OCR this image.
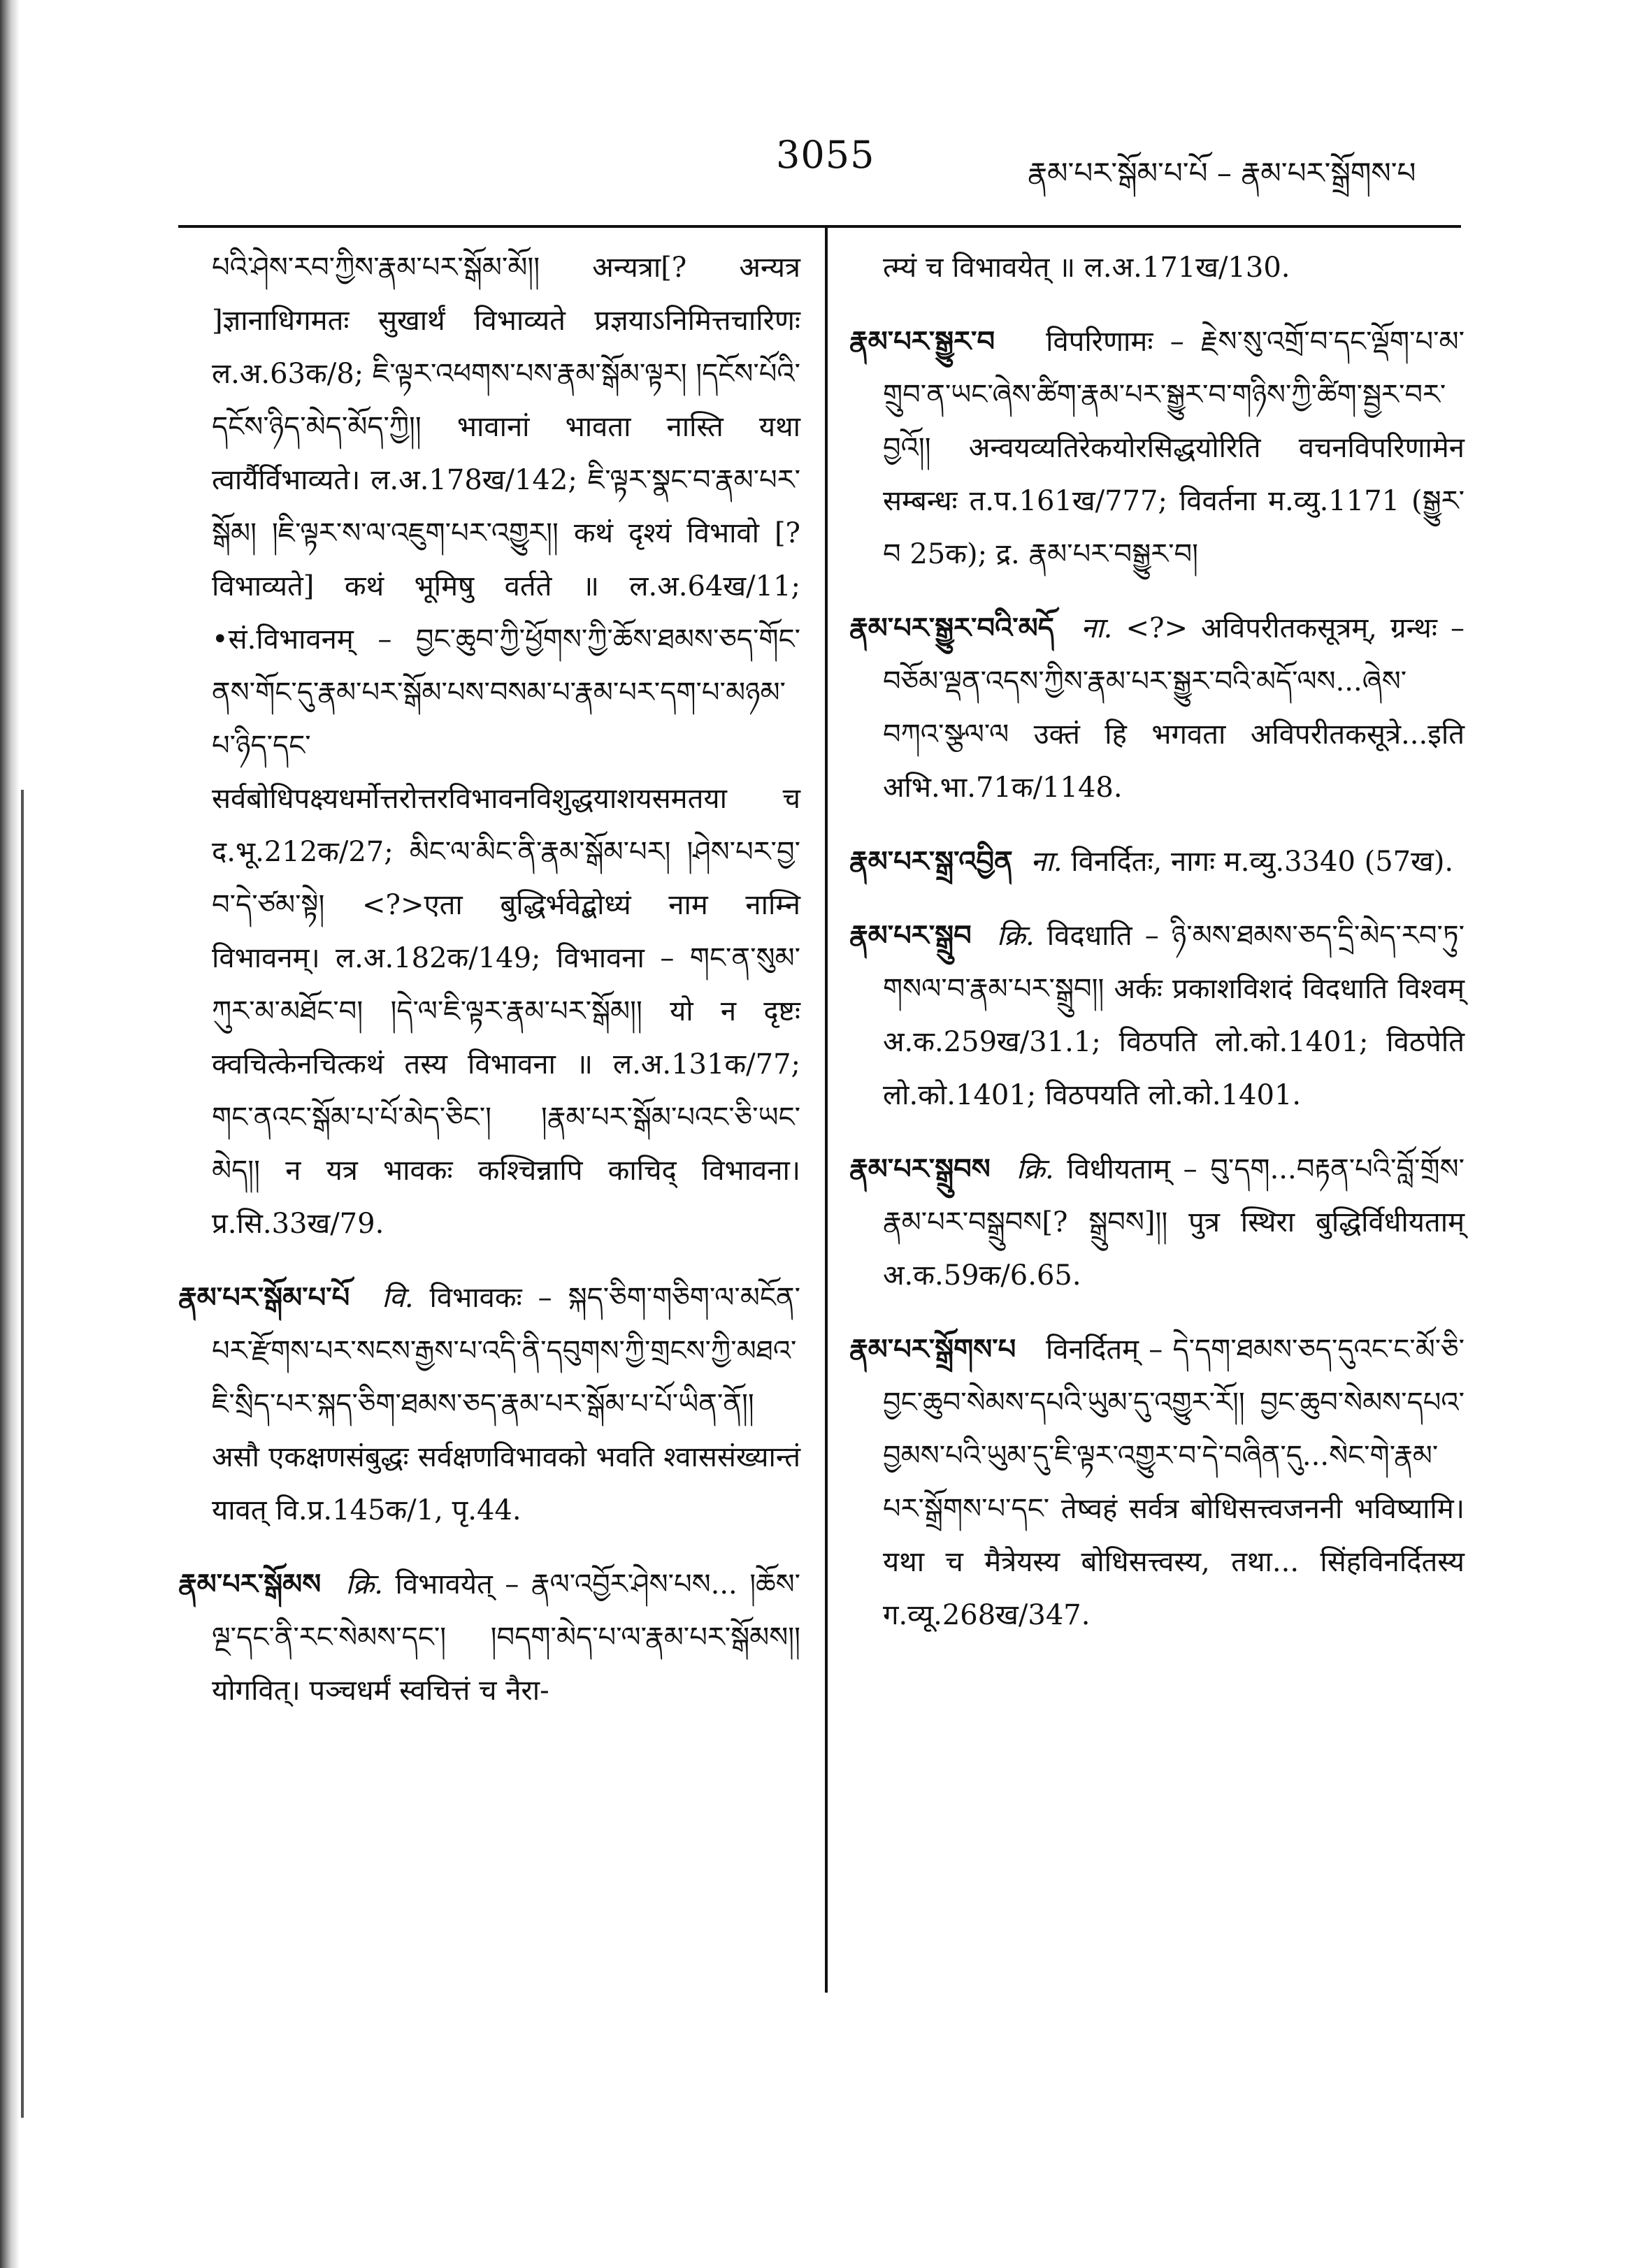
3055	རྣམ་པར་སྒོམ་པ་པོ – རྣམ་པར་སྒྲོགས་པ

པའི་ཤེས་རབ་ཀྱིས་རྣམ་པར་སྒོམ་མོ།། अन्यत्रा[? अन्यत्र ]ज्ञानाधिगमतः सुखार्थं विभाव्यते प्रज्ञयाऽनिमित्तचारिणः ल.अ.63क/8; ཇི་ལྟར་འཕགས་པས་རྣམ་སྒོམ་ལྟར། །དངོས་པོའི་དངོས་ཉིད་མེད་མོད་ཀྱི།། भावानां भावता नास्ति यथा त्वार्यैर्विभाव्यते। ल.अ.178ख/142; ཇི་ལྟར་སྣང་བ་རྣམ་པར་སྒོམ། །ཇི་ལྟར་ས་ལ་འཇུག་པར་འགྱུར།། कथं दृश्यं विभावो [? विभाव्यते] कथं भूमिषु वर्तते ॥ ल.अ.64ख/11; •सं.विभावनम् – བྱང་ཆུབ་ཀྱི་ཕྱོགས་ཀྱི་ཆོས་ཐམས་ཅད་གོང་ནས་གོང་དུ་རྣམ་པར་སྒོམ་པས་བསམ་པ་རྣམ་པར་དག་པ་མཉམ་པ་ཉིད་དང་ सर्वबोधिपक्ष्यधर्मोत्तरोत्तरविभावनविशुद्धयाशयसमतया च द.भू.212क/27; མིང་ལ་མིང་ནི་རྣམ་སྒོམ་པར། །ཤེས་པར་བྱ་བ་དེ་ཙམ་སྟེ། <?>एता बुद्धिर्भवेद्बोध्यं नाम नाम्नि विभावनम्। ल.अ.182क/149; विभावना – གང་ན་སུམ་ཀུར་མ་མཐོང་བ། །དེ་ལ་ཇི་ལྟར་རྣམ་པར་སྒོམ།། यो न दृष्टः क्वचित्केनचित्कथं तस्य विभावना ॥ ल.अ.131क/77; གང་ནའང་སྒོམ་པ་པོ་མེད་ཅིང་། །རྣམ་པར་སྒོམ་པའང་ཅི་ཡང་མེད།། न यत्र भावकः कश्चिन्नापि काचिद् विभावना। प्र.सि.33ख/79.

རྣམ་པར་སྒོམ་པ་པོ वि. विभावकः – སྐད་ཅིག་གཅིག་ལ་མངོན་པར་རྫོགས་པར་སངས་རྒྱས་པ་འདི་ནི་དབུགས་ཀྱི་གྲངས་ཀྱི་མཐའ་ཇི་སྲིད་པར་སྐད་ཅིག་ཐམས་ཅད་རྣམ་པར་སྒོམ་པ་པོ་ཡིན་ནོ།། असौ एकक्षणसंबुद्धः सर्वक्षणविभावको भवति श्वाससंख्यान्तं यावत् वि.प्र.145क/1, पृ.44.

རྣམ་པར་སྒོམས क्रि. विभावयेत् – རྣལ་འབྱོར་ཤེས་པས... །ཆོས་ལྔ་དང་ནི་རང་སེམས་དང་། །བདག་མེད་པ་ལ་རྣམ་པར་སྒོམས།། योगवित्। पञ्चधर्मं स्वचित्तं च नैरा-

त्म्यं च विभावयेत् ॥ ल.अ.171ख/130.

རྣམ་པར་སྒྱུར་བ विपरिणामः – རྗེས་སུ་འགྲོ་བ་དང་ལྡོག་པ་མ་གྲུབ་ན་ཡང་ཞེས་ཚིག་རྣམ་པར་སྒྱུར་བ་གཉིས་ཀྱི་ཚིག་སྦྱར་བར་བྱའོ།། अन्वयव्यतिरेकयोरसिद्धयोरिति वचनविपरिणामेन सम्बन्धः त.प.161ख/777; विवर्तना म.व्यु.1171 (སྒྱུར་བ 25क); द्र. རྣམ་པར་བསྒྱུར་བ།

རྣམ་པར་སྒྱུར་བའི་མདོ ना. <?> अविपरीतकसूत्रम्, ग्रन्थः – བཅོམ་ལྡན་འདས་ཀྱིས་རྣམ་པར་སྒྱུར་བའི་མདོ་ལས...ཞེས་བཀའ་སྩལ་ལ उक्तं हि भगवता अविपरीतकसूत्रे...इति अभि.भा.71क/1148.

རྣམ་པར་སྒྲ་འབྱིན ना. विनर्दितः, नागः म.व्यु.3340 (57ख).

རྣམ་པར་སྒྲུབ क्रि. विदधाति – ཉི་མས་ཐམས་ཅད་དྲི་མེད་རབ་ཏུ་གསལ་བ་རྣམ་པར་སྒྲུབ།། अर्कः प्रकाशविशदं विदधाति विश्वम् अ.क.259ख/31.1; विठपति लो.को.1401; विठपेति लो.को.1401; विठपयति लो.को.1401.

རྣམ་པར་སྒྲུབས क्रि. विधीयताम् – བུ་དག...བརྟན་པའི་བློ་གྲོས་རྣམ་པར་བསྒྲུབས[? སྒྲུབས]།། पुत्र स्थिरा बुद्धिर्विधीयताम् अ.क.59क/6.65.

རྣམ་པར་སྒྲོགས་པ विनर्दितम् – དེ་དག་ཐམས་ཅད་དུའང་ང་མོ་ཅི་བྱང་ཆུབ་སེམས་དཔའི་ཡུམ་དུ་འགྱུར་རོ།། བྱང་ཆུབ་སེམས་དཔའ་བྱམས་པའི་ཡུམ་དུ་ཇི་ལྟར་འགྱུར་བ་དེ་བཞིན་དུ...སེང་གེ་རྣམ་པར་སྒྲོགས་པ་དང་ तेष्वहं सर्वत्र बोधिसत्त्वजननी भविष्यामि। यथा च मैत्रेयस्य बोधिसत्त्वस्य, तथा... सिंहविनर्दितस्य ग.व्यू.268ख/347.
